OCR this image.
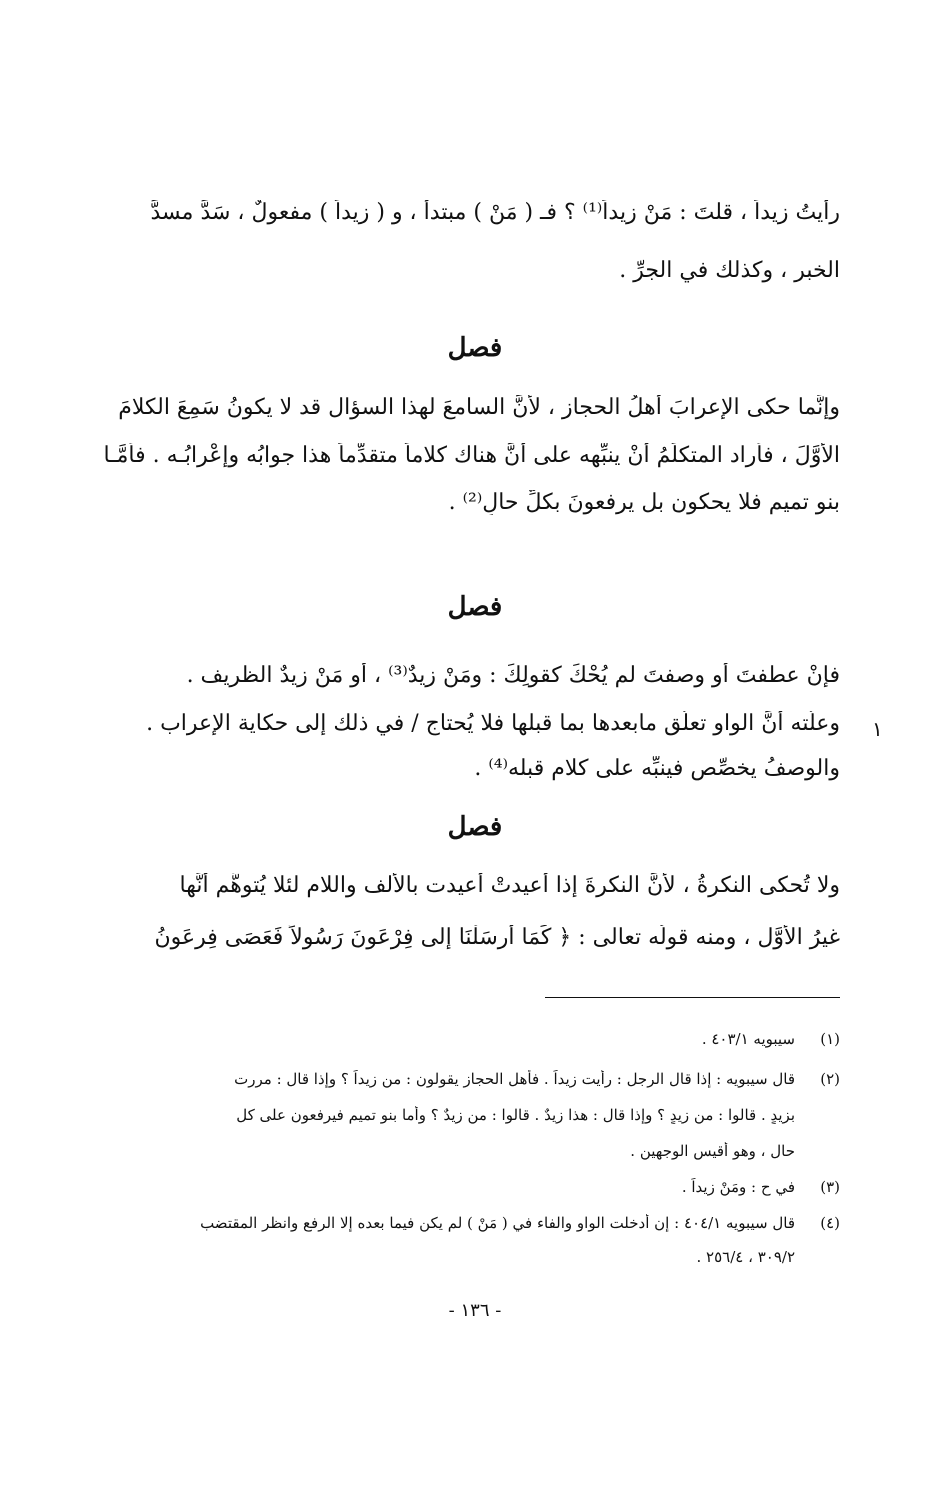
رأيتُ زيداً ، قلتَ : مَنْ زيداً⁽¹⁾ ؟ فـ ( مَنْ ) مبتدأ ، و ( زيداً ) مفعولٌ ، سَدَّ مسدَّ
الخبر ، وكذلك في الجرِّ .
فصل
وإنَّما حكى الإعرابَ أهلُ الحجاز ، لأنَّ السامعَ لهذا السؤال قد لا يكونُ سَمِعَ الكلامَ
الأوَّلَ ، فأراد المتكلِّمُ أنْ ينبِّهه على أنَّ هناك كلاماً متقدِّماً هذا جوابُه وإعْرابُـه . فأمَّـا
بنو تميمٍ فلا يحكون بل يرفعونَ بكلِّ حالٍ⁽²⁾ .
فصل
فإنْ عطفتَ أو وصفتَ لم يُحْكَ كقولِكَ : ومَنْ زيدٌ⁽³⁾ ، أو مَنْ زيدٌ الظريف .
وعلَّته أنَّ الواو تعلَّق مابعدها بما قبلها فلا يُحتاج / في ذلك إلى حكاية الإعراب . ١
والوصفُ يخصِّص فينبِّه على كلام قبله⁽⁴⁾ .
فصل
ولا تُحكى النكرةُ ، لأنَّ النكرةَ إذا أُعيدتْ أُعيدت بالألف واللام لئلا يُتوهَّم أنَّها
غيرُ الأوَّل ، ومنه قولُه تعالى : ﴿ كَمَا أرسَلْنَا إلى فِرْعَونَ رَسُولاً فَعَصَى فِرعَونُ
(١)
سيبويه ٤٠٣/١ .
(٢)
قال سيبويه : إذا قال الرجل : رأيت زيداً . فأهل الحجاز يقولون : من زيداً ؟ وإذا قال : مررت
بزيدٍ . قالوا : من زيدٍ ؟ وإذا قال : هذا زيدٌ . قالوا : من زيدٌ ؟ وأما بنو تميم فيرفعون على كل
حال ، وهو أقيس الوجهين .
(٣)
في ح : ومَنْ زيداً .
(٤)
قال سيبويه ٤٠٤/١ : إن أدخلت الواو والفاء في ( مَنْ ) لم يكن فيما بعده إلا الرفع وانظر المقتضب
٣٠٩/٢ ، ٢٥٦/٤ .
- ١٣٦ -
